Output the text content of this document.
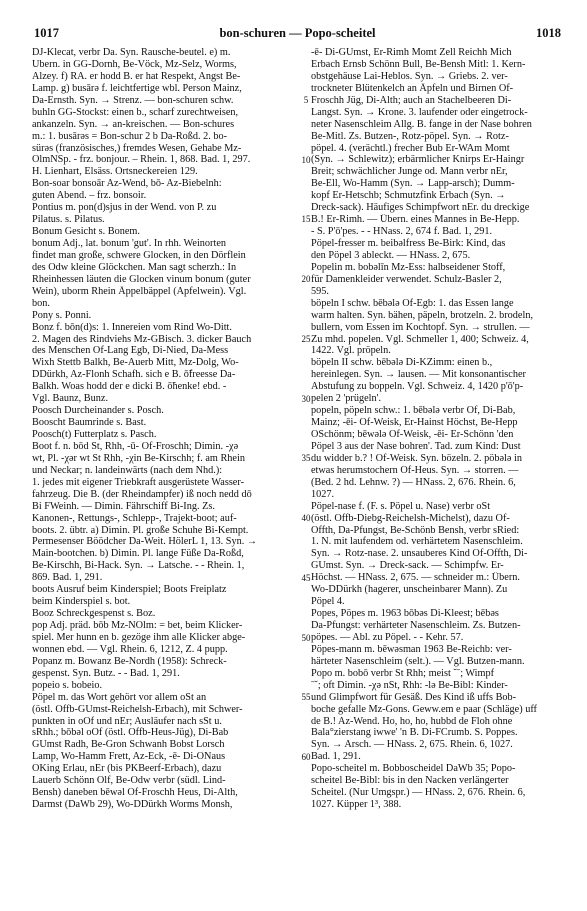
1017	bon-schuren — Popo-scheitel	1018
DJ-Klecat, verbr Da. Syn. Rausche-beutel. e) m.
Ubern. in GG-Dornh, Be-Vöck, Mz-Selz, Worms,
Alzey. f) RA. er hodd B. er hat Respekt, Angst Be-
Lamp. g) busārə f. leichtfertige wbl. Person Mainz,
Da-Ernsth. Syn. → Strenz. — bon-schuren schw.
buhln GG-Stockst: einen b., scharf zurechtweisen,
ankanzeln. Syn. → an-kreischen. — Bon-schures
m.: 1. busārəs = Bon-schur 2 b Da-Roßd. 2. bo-
sürəs (französisches,) fremdes Wesen, Gehabe Mz-
OlmNSp. - frz. bonjour. – Rhein. 1, 868. Bad. 1, 297.
H. Lienhart, Elsäss. Ortsneckereien 129.
Bon-soar bonsoār Az-Wend, bō- Az-Biebelnh:
guten Abend. – frz. bonsoir.
Pontius m. pon(d)sjus in der Wend. von P. zu
Pilatus. s. Pilatus.
Bonum Gesicht s. Bonem.
bonum Adj., lat. bonum 'gut'. In rhh. Weinorten
findet man große, schwere Glocken, in den Dörflein
des Odw kleine Glöckchen. Man sagt scherzh.: In
Rheinhessen läuten die Glocken vinum bonum (guter
Wein), uborm Rhein Äppelbäppel (Apfelwein). Vgl.
bon.
Pony s. Ponni.
Bonz f. bōn(d)s: 1. Innereien vom Rind Wo-Ditt.
2. Magen des Rindviehs Mz-GBisch. 3. dicker Bauch
des Menschen Of-Lang Egb, Di-Nied, Da-Mess
Wixh Stettb Balkh, Be-Auerb Mitt, Mz-Dolg, Wo-
DDürkh, Az-Flonh Schafh. sich e B. ō̃freesse Da-
Balkh. Woas hodd der e dicki B. ō̃henke! ebd. -
Vgl. Baunz, Bunz.
Poosch Durcheinander s. Posch.
Booscht Baumrinde s. Bast.
Poosch(t) Futterplatz s. Pasch.
Boot f. n. bōd St, Rhh, -ū- Of-Froschh; Dimin. -χə
wt, Pl. -χər wt St Rhh, -χin Be-Kirschh; f. am Rhein
und Neckar; n. landeinwärts (nach dem Nhd.):
1. jedes mit eigener Triebkraft ausgerüstete Wasser-
fahrzeug. Die B. (der Rheindampfer) iß noch nedd dō
Bi FWeinh. — Dimin. Fährschiff Bi-Ing. Zs.
Kanonen-, Rettungs-, Schlepp-, Trajekt-boot; auf-
boots. 2. übtr. a) Dimin. Pl. große Schuhe Bi-Kempt.
Permesenser Böödcher Da-Weit. HölerL 1, 13. Syn. →
Main-bootchen. b) Dimin. Pl. lange Füße Da-Roßd,
Be-Kirschh, Bi-Hack. Syn. → Latsche. - - Rhein. 1,
869. Bad. 1, 291.
boots Ausruf beim Kinderspiel; Boots Freiplatz
beim Kinderspiel s. bot.
Booz Schreckgespenst s. Boz.
pop Adj. präd. bōb Mz-NOlm: = bet, beim Klicker-
spiel. Mer hunn en b. gezöge ihm alle Klicker abge-
wonnen ebd. — Vgl. Rhein. 6, 1212, Z. 4 pupp.
Popanz m. Bowanz Be-Nordh (1958): Schreck-
gespenst. Syn. Butz. - - Bad. 1, 291.
popeio s. bobeio.
Pöpel m. das Wort gehört vor allem oSt an
(östl. Offb-GUmst-Reichelsh-Erbach), mit Schwer-
punkten in oOf und nEr; Ausläufer nach sSt u.
sRhh.; bōbəl oOf (östl. Offb-Heus-Jüg), Di-Bab
GUmst Radh, Be-Gron Schwanh Bobst Lorsch
Lamp, Wo-Hamm Frett, Az-Eck, -ē- Di-ONaus
OKing Erlau, nEr (bis PKBeerf-Erbach), dazu
Lauerb Schönn Olf, Be-Odw verbr (südl. Lind-
Bensh) daneben bēwəl Of-Froschh Heus, Di-Alth,
Darmst (DaWb 29), Wo-DDürkh Worms Monsh,
5
10
15
20
25
30
35
40
45
50
55
60
-ē- Di-GUmst, Er-Rimh Momt Zell Reichh Mich
Erbach Ernsb Schönn Bull, Be-Bensh Mitl: 1. Kern-
obstgehäuse Lai-Heblos. Syn. → Griebs. 2. ver-
trockneter Blütenkelch an Äpfeln und Birnen Of-
Froschh Jüg, Di-Alth; auch an Stachelbeeren Di-
Langst. Syn. → Krone. 3. laufender oder eingetrock-
neter Nasenschleim Allg. B. fange in der Nase bohren
Be-Mitl. Zs. Butzen-, Rotz-pöpel. Syn. → Rotz-
pöpel. 4. (verächtl.) frecher Bub Er-WAm Momt
(Syn. → Schlewitz); erbärmlicher Knirps Er-Haingr
Breit; schwächlicher Junge od. Mann verbr nEr,
Be-Ell, Wo-Hamm (Syn. → Lapp-arsch); Dumm-
kopf Er-Hetschb; Schmutzfink Erbach (Syn. →
Dreck-sack). Häufiges Schimpfwort nEr. du dreckige
B.! Er-Rimh. — Übern. eines Mannes in Be-Hepp.
- S. P'ō'pes. - - HNass. 2, 674 f. Bad. 1, 291.
Pöpel-fresser m. beibəlfress Be-Birk: Kind, das
den Pöpel 3 ableckt. — HNass. 2, 675.
Popelin m. bobəlīn Mz-Ess: halbseidener Stoff,
für Damenkleider verwendet. Schulz-Basler 2,
595.
böpeln I schw. bēbələ Of-Egb: 1. das Essen lange
warm halten. Syn. bähen, päpeln, brotzeln. 2. brodeln,
bullern, vom Essen im Kochtopf. Syn. → strullen. —
Zu mhd. popelen. Vgl. Schmeller 1, 400; Schweiz. 4,
1422. Vgl. pröpeln.
böpeln II schw. bēbələ Di-KZimm: einen b.,
hereinlegen. Syn. → lausen. — Mit konsonantischer
Abstufung zu boppeln. Vgl. Schweiz. 4, 1420 p'ō'p-
pelen 2 'prügeln'.
popeln, pöpeln schw.: 1. bēbələ verbr Of, Di-Bab,
Mainz; -ēi- Of-Weisk, Er-Hainst Höchst, Be-Hepp
OSchönm; bēwələ Of-Weisk, -ēi- Er-Schönn 'den
Pöpel 3 aus der Nase bohren'. Tad. zum Kind: Dust
du widder b.? ! Of-Weisk. Syn. bözeln. 2. pöbələ in
etwas herumstochern Of-Heus. Syn. → storren. —
(Bed. 2 hd. Lehnw. ?) — HNass. 2, 676. Rhein. 6,
1027.
Pöpel-nase f. (F. s. Pöpel u. Nase) verbr oSt
(östl. Offb-Diebg-Reichelsh-Michelst), dazu Of-
Offth, Da-Pfungst, Be-Schönb Bensh, verbr sRied:
1. N. mit laufendem od. verhärtetem Nasenschleim.
Syn. → Rotz-nase. 2. unsauberes Kind Of-Offth, Di-
GUmst. Syn. → Dreck-sack. — Schimpfw. Er-
Höchst. — HNass. 2, 675. — schneider m.: Übern.
Wo-DDürkh (hagerer, unscheinbarer Mann). Zu
Pöpel 4.
Popes, Pöpes m. 1963 bōbəs Di-Kleest; bēbəs
Da-Pfungst: verhärteter Nasenschleim. Zs. Butzen-
pöpes. — Abl. zu Pöpel. - - Kehr. 57.
Pöpes-mann m. bēwəsman 1963 Be-Reichb: ver-
härteter Nasenschleim (selt.). — Vgl. Butzen-mann.
Popo m. bobō verbr St Rhh; meist ˘ˉ; Wimpf
ˉ˘; oft Dimin. -χə nSt, Rhh: -lə Be-Bibl: Kinder-
und Glimpfwort für Gesäß. Des Kind iß uffs Bob-
boche gefalle Mz-Gons. Geww.em e paar (Schläge) uff
de B.! Az-Wend. Ho, ho, ho, hubbd de Floh ohne
Bala°zierstang iwwe' 'n B. Di-FCrumb. S. Poppes.
Syn. → Arsch. — HNass. 2, 675. Rhein. 6, 1027.
Bad. 1, 291.
Popo-scheitel m. Bobboscheidel DaWb 35; Popo-
scheitel Be-Bibl: bis in den Nacken verlängerter
Scheitel. (Nur Umgspr.) — HNass. 2, 676. Rhein. 6,
1027. Küpper 1³, 388.
